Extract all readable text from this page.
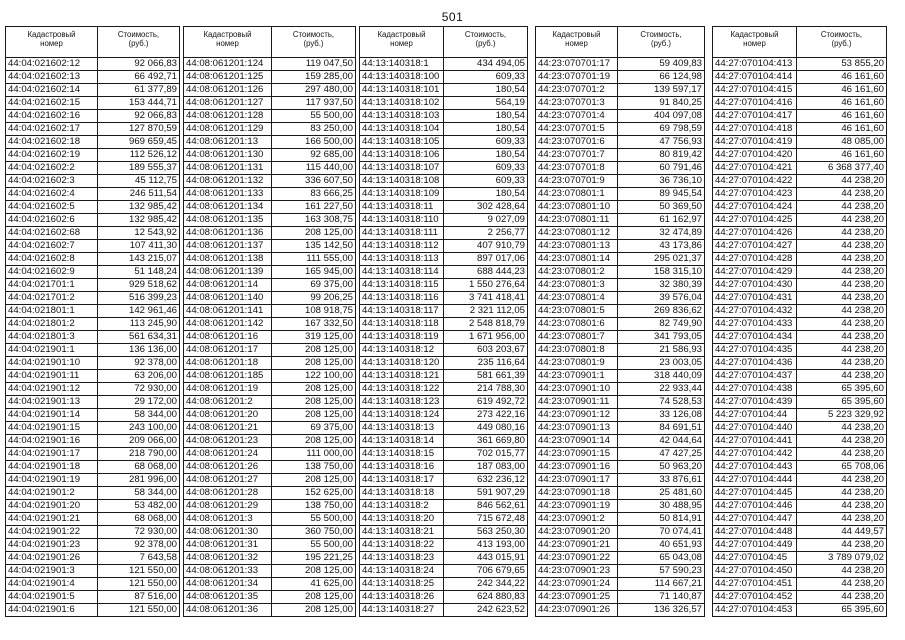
501
Кадастровый
номер	Стоимость,
(руб.)
44:04:021602:12	92 066,83
44:04:021602:13	66 492,71
44:04:021602:14	61 377,89
44:04:021602:15	153 444,71
44:04:021602:16	92 066,83
44:04:021602:17	127 870,59
44:04:021602:18	969 659,45
44:04:021602:19	112 526,12
44:04:021602:2	189 555,37
44:04:021602:3	45 112,75
44:04:021602:4	246 511,54
44:04:021602:5	132 985,42
44:04:021602:6	132 985,42
44:04:021602:68	12 543,92
44:04:021602:7	107 411,30
44:04:021602:8	143 215,07
44:04:021602:9	51 148,24
44:04:021701:1	929 518,62
44:04:021701:2	516 399,23
44:04:021801:1	142 961,46
44:04:021801:2	113 245,90
44:04:021801:3	561 634,31
44:04:021901:1	136 136,00
44:04:021901:10	92 378,00
44:04:021901:11	63 206,00
44:04:021901:12	72 930,00
44:04:021901:13	29 172,00
44:04:021901:14	58 344,00
44:04:021901:15	243 100,00
44:04:021901:16	209 066,00
44:04:021901:17	218 790,00
44:04:021901:18	68 068,00
44:04:021901:19	281 996,00
44:04:021901:2	58 344,00
44:04:021901:20	53 482,00
44:04:021901:21	68 068,00
44:04:021901:22	72 930,00
44:04:021901:23	92 378,00
44:04:021901:26	7 643,58
44:04:021901:3	121 550,00
44:04:021901:4	121 550,00
44:04:021901:5	87 516,00
44:04:021901:6	121 550,00
Кадастровый
номер	Стоимость,
(руб.)
44:08:061201:124	119 047,50
44:08:061201:125	159 285,00
44:08:061201:126	297 480,00
44:08:061201:127	117 937,50
44:08:061201:128	55 500,00
44:08:061201:129	83 250,00
44:08:061201:13	166 500,00
44:08:061201:130	92 685,00
44:08:061201:131	115 440,00
44:08:061201:132	336 607,50
44:08:061201:133	83 666,25
44:08:061201:134	161 227,50
44:08:061201:135	163 308,75
44:08:061201:136	208 125,00
44:08:061201:137	135 142,50
44:08:061201:138	111 555,00
44:08:061201:139	165 945,00
44:08:061201:14	69 375,00
44:08:061201:140	99 206,25
44:08:061201:141	108 918,75
44:08:061201:142	167 332,50
44:08:061201:16	319 125,00
44:08:061201:17	208 125,00
44:08:061201:18	208 125,00
44:08:061201:185	122 100,00
44:08:061201:19	208 125,00
44:08:061201:2	208 125,00
44:08:061201:20	208 125,00
44:08:061201:21	69 375,00
44:08:061201:23	208 125,00
44:08:061201:24	111 000,00
44:08:061201:26	138 750,00
44:08:061201:27	208 125,00
44:08:061201:28	152 625,00
44:08:061201:29	138 750,00
44:08:061201:3	55 500,00
44:08:061201:30	360 750,00
44:08:061201:31	55 500,00
44:08:061201:32	195 221,25
44:08:061201:33	208 125,00
44:08:061201:34	41 625,00
44:08:061201:35	208 125,00
44:08:061201:36	208 125,00
Кадастровый
номер	Стоимость,
(руб.)
44:13:140318:1	434 494,05
44:13:140318:100	609,33
44:13:140318:101	180,54
44:13:140318:102	564,19
44:13:140318:103	180,54
44:13:140318:104	180,54
44:13:140318:105	609,33
44:13:140318:106	180,54
44:13:140318:107	609,33
44:13:140318:108	609,33
44:13:140318:109	180,54
44:13:140318:11	302 428,64
44:13:140318:110	9 027,09
44:13:140318:111	2 256,77
44:13:140318:112	407 910,79
44:13:140318:113	897 017,06
44:13:140318:114	688 444,23
44:13:140318:115	1 550 276,64
44:13:140318:116	3 741 418,41
44:13:140318:117	2 321 112,05
44:13:140318:118	2 548 818,79
44:13:140318:119	1 671 956,00
44:13:140318:12	603 203,67
44:13:140318:120	235 116,64
44:13:140318:121	581 661,39
44:13:140318:122	214 788,30
44:13:140318:123	619 492,72
44:13:140318:124	273 422,16
44:13:140318:13	449 080,16
44:13:140318:14	361 669,80
44:13:140318:15	702 015,77
44:13:140318:16	187 083,00
44:13:140318:17	632 236,12
44:13:140318:18	591 907,29
44:13:140318:2	846 562,61
44:13:140318:20	715 672,48
44:13:140318:21	563 250,30
44:13:140318:22	413 193,00
44:13:140318:23	443 015,91
44:13:140318:24	706 679,65
44:13:140318:25	242 344,22
44:13:140318:26	624 880,83
44:13:140318:27	242 623,52
Кадастровый
номер	Стоимость,
(руб.)
44:23:070701:17	59 409,83
44:23:070701:19	66 124,98
44:23:070701:2	139 597,17
44:23:070701:3	91 840,25
44:23:070701:4	404 097,08
44:23:070701:5	69 798,59
44:23:070701:6	47 756,93
44:23:070701:7	80 819,42
44:23:070701:8	60 791,46
44:23:070701:9	36 736,10
44:23:070801:1	89 945,54
44:23:070801:10	50 369,50
44:23:070801:11	61 162,97
44:23:070801:12	32 474,89
44:23:070801:13	43 173,86
44:23:070801:14	295 021,37
44:23:070801:2	158 315,10
44:23:070801:3	32 380,39
44:23:070801:4	39 576,04
44:23:070801:5	269 836,62
44:23:070801:6	82 749,90
44:23:070801:7	341 793,05
44:23:070801:8	21 586,93
44:23:070801:9	23 003,05
44:23:070901:1	318 440,09
44:23:070901:10	22 933,44
44:23:070901:11	74 528,53
44:23:070901:12	33 126,08
44:23:070901:13	84 691,51
44:23:070901:14	42 044,64
44:23:070901:15	47 427,25
44:23:070901:16	50 963,20
44:23:070901:17	33 876,61
44:23:070901:18	25 481,60
44:23:070901:19	30 488,95
44:23:070901:2	50 814,91
44:23:070901:20	70 074,41
44:23:070901:21	40 651,93
44:23:070901:22	65 043,08
44:23:070901:23	57 590,23
44:23:070901:24	114 667,21
44:23:070901:25	71 140,87
44:23:070901:26	136 326,57
Кадастровый
номер	Стоимость,
(руб.)
44:27:070104:413	53 855,20
44:27:070104:414	46 161,60
44:27:070104:415	46 161,60
44:27:070104:416	46 161,60
44:27:070104:417	46 161,60
44:27:070104:418	46 161,60
44:27:070104:419	48 085,00
44:27:070104:420	46 161,60
44:27:070104:421	6 368 377,40
44:27:070104:422	44 238,20
44:27:070104:423	44 238,20
44:27:070104:424	44 238,20
44:27:070104:425	44 238,20
44:27:070104:426	44 238,20
44:27:070104:427	44 238,20
44:27:070104:428	44 238,20
44:27:070104:429	44 238,20
44:27:070104:430	44 238,20
44:27:070104:431	44 238,20
44:27:070104:432	44 238,20
44:27:070104:433	44 238,20
44:27:070104:434	44 238,20
44:27:070104:435	44 238,20
44:27:070104:436	44 238,20
44:27:070104:437	44 238,20
44:27:070104:438	65 395,60
44:27:070104:439	65 395,60
44:27:070104:44	5 223 329,92
44:27:070104:440	44 238,20
44:27:070104:441	44 238,20
44:27:070104:442	44 238,20
44:27:070104:443	65 708,06
44:27:070104:444	44 238,20
44:27:070104:445	44 238,20
44:27:070104:446	44 238,20
44:27:070104:447	44 238,20
44:27:070104:448	44 449,57
44:27:070104:449	44 238,20
44:27:070104:45	3 789 079,02
44:27:070104:450	44 238,20
44:27:070104:451	44 238,20
44:27:070104:452	44 238,20
44:27:070104:453	65 395,60
